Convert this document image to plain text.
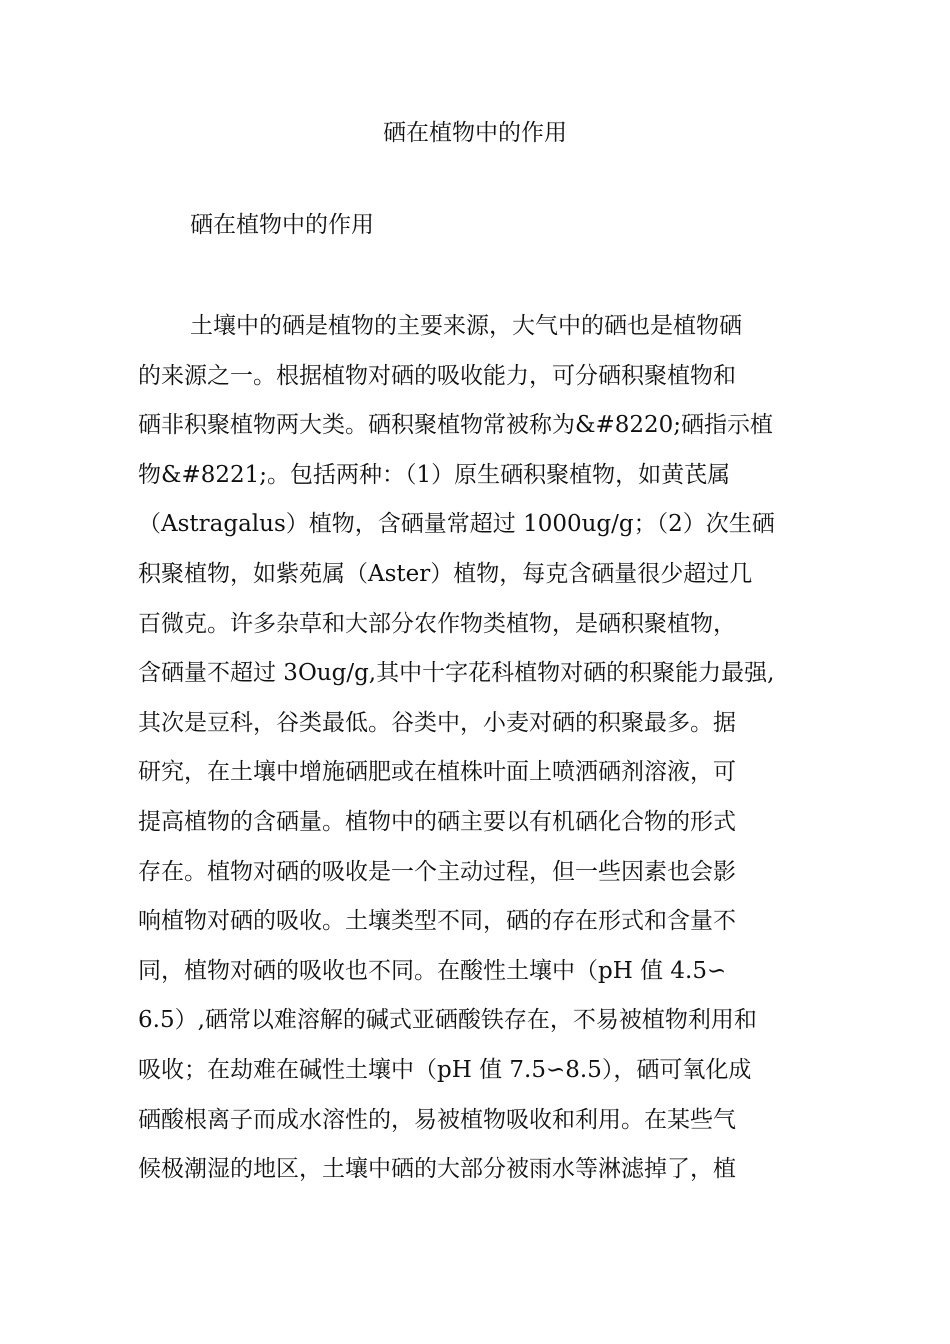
硒在植物中的作用
硒在植物中的作用
土壤中的硒是植物的主要来源，大气中的硒也是植物硒
的来源之一。根据植物对硒的吸收能力，可分硒积聚植物和
硒非积聚植物两大类。硒积聚植物常被称为&#8220;硒指示植
物&#8221;。包括两种：（1）原生硒积聚植物，如黄芪属
（Astragalus）植物，含硒量常超过 1000ug/g；（2）次生硒
积聚植物，如紫苑属（Aster）植物，每克含硒量很少超过几
百微克。许多杂草和大部分农作物类植物，是硒积聚植物，
含硒量不超过 3Oug/g,其中十字花科植物对硒的积聚能力最强,
其次是豆科，谷类最低。谷类中，小麦对硒的积聚最多。据
研究，在土壤中增施硒肥或在植株叶面上喷洒硒剂溶液，可
提高植物的含硒量。植物中的硒主要以有机硒化合物的形式
存在。植物对硒的吸收是一个主动过程，但一些因素也会影
响植物对硒的吸收。土壤类型不同，硒的存在形式和含量不
同，植物对硒的吸收也不同。在酸性土壤中（pH 值 4.5∽
6.5）,硒常以难溶解的碱式亚硒酸铁存在，不易被植物利用和
吸收；在劫难在碱性土壤中（pH 值 7.5∽8.5），硒可氧化成
硒酸根离子而成水溶性的，易被植物吸收和利用。在某些气
候极潮湿的地区，土壤中硒的大部分被雨水等淋滤掉了，植
